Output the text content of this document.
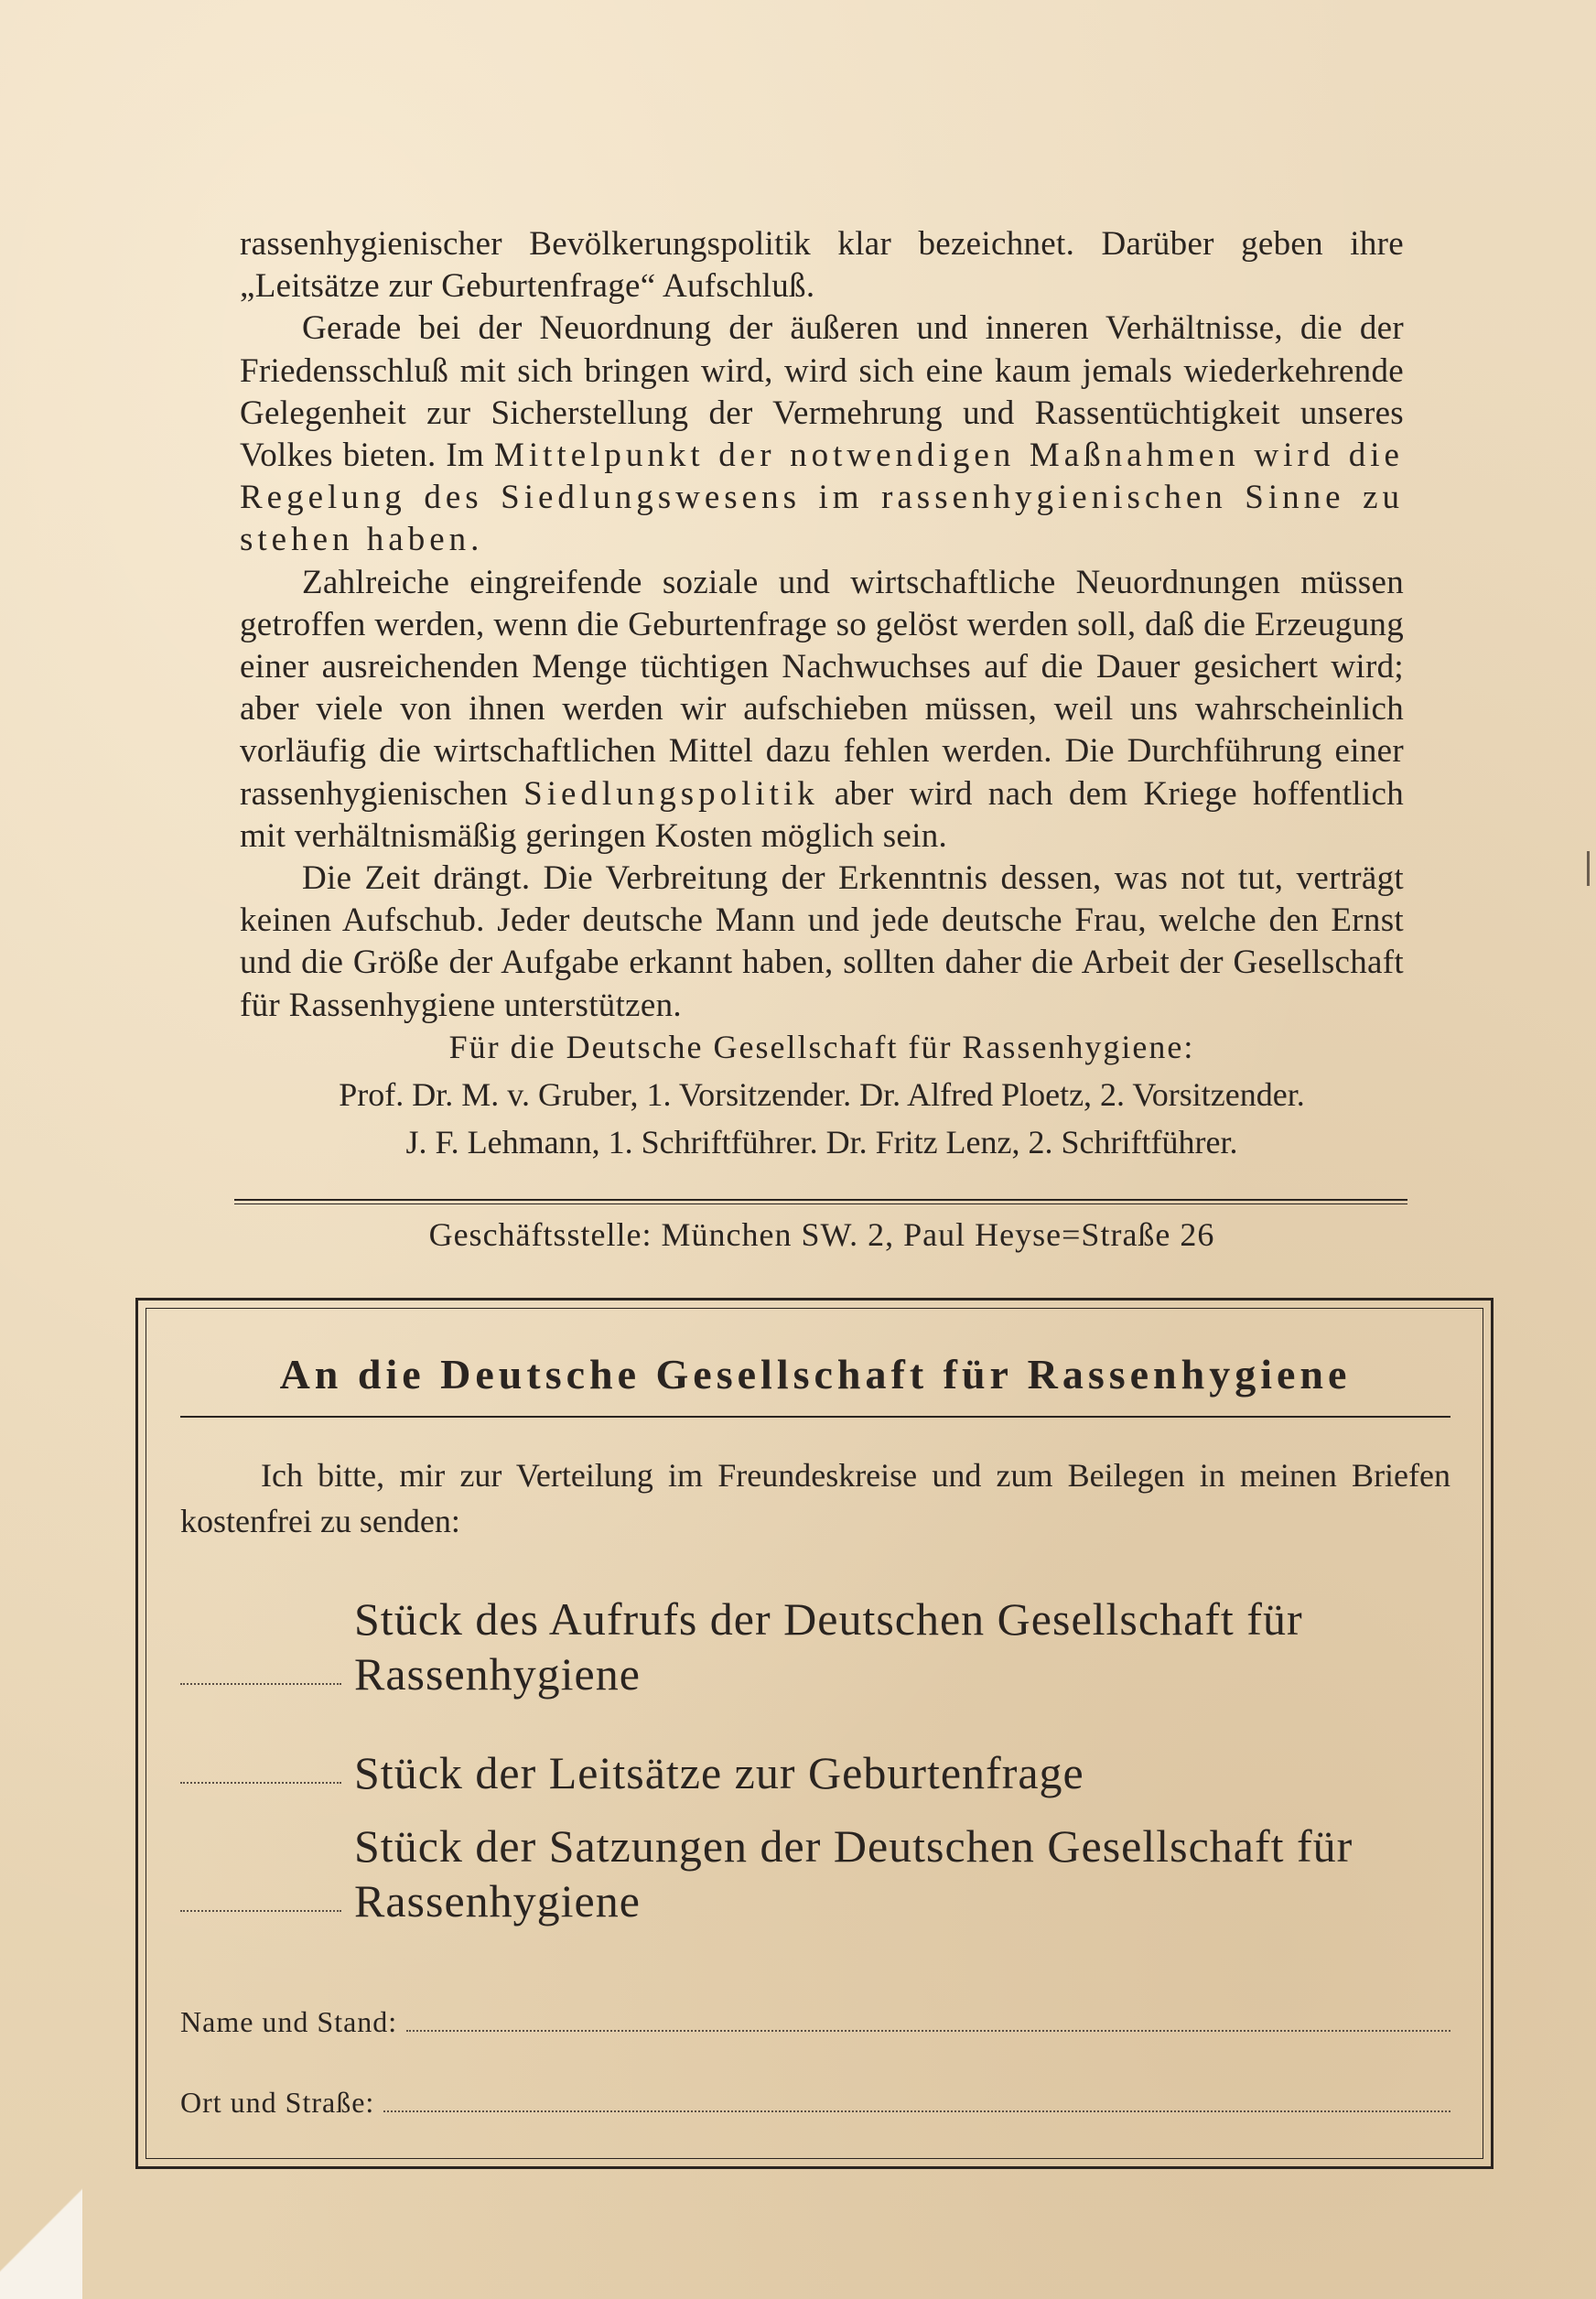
rassenhygienischer Bevölkerungspolitik klar bezeichnet. Darüber geben ihre „Leitsätze zur Geburtenfrage“ Aufschluß.

Gerade bei der Neuordnung der äußeren und inneren Verhältnisse, die der Friedensschluß mit sich bringen wird, wird sich eine kaum jemals wiederkehrende Gelegenheit zur Sicherstellung der Vermehrung und Rassentüchtigkeit unseres Volkes bieten. Im Mittelpunkt der notwendigen Maßnahmen wird die Regelung des Siedlungswesens im rassenhygienischen Sinne zu stehen haben.

Zahlreiche eingreifende soziale und wirtschaftliche Neuordnungen müssen getroffen werden, wenn die Geburtenfrage so gelöst werden soll, daß die Erzeugung einer ausreichenden Menge tüchtigen Nachwuchses auf die Dauer gesichert wird; aber viele von ihnen werden wir aufschieben müssen, weil uns wahrscheinlich vorläufig die wirtschaftlichen Mittel dazu fehlen werden. Die Durchführung einer rassenhygienischen Siedlungspolitik aber wird nach dem Kriege hoffentlich mit verhältnismäßig geringen Kosten möglich sein.

Die Zeit drängt. Die Verbreitung der Erkenntnis dessen, was not tut, verträgt keinen Aufschub. Jeder deutsche Mann und jede deutsche Frau, welche den Ernst und die Größe der Aufgabe erkannt haben, sollten daher die Arbeit der Gesellschaft für Rassenhygiene unterstützen.

Für die Deutsche Gesellschaft für Rassenhygiene:
Prof. Dr. M. v. Gruber, 1. Vorsitzender. Dr. Alfred Ploetz, 2. Vorsitzender.
J. F. Lehmann, 1. Schriftführer. Dr. Fritz Lenz, 2. Schriftführer.
Geschäftsstelle: München SW. 2, Paul Heyse=Straße 26
An die Deutsche Gesellschaft für Rassenhygiene
Ich bitte, mir zur Verteilung im Freundeskreise und zum Beilegen in meinen Briefen kostenfrei zu senden:
Stück des Aufrufs der Deutschen Gesellschaft für Rassenhygiene
Stück der Leitsätze zur Geburtenfrage
Stück der Satzungen der Deutschen Gesellschaft für Rassenhygiene
Name und Stand:
Ort und Straße:
